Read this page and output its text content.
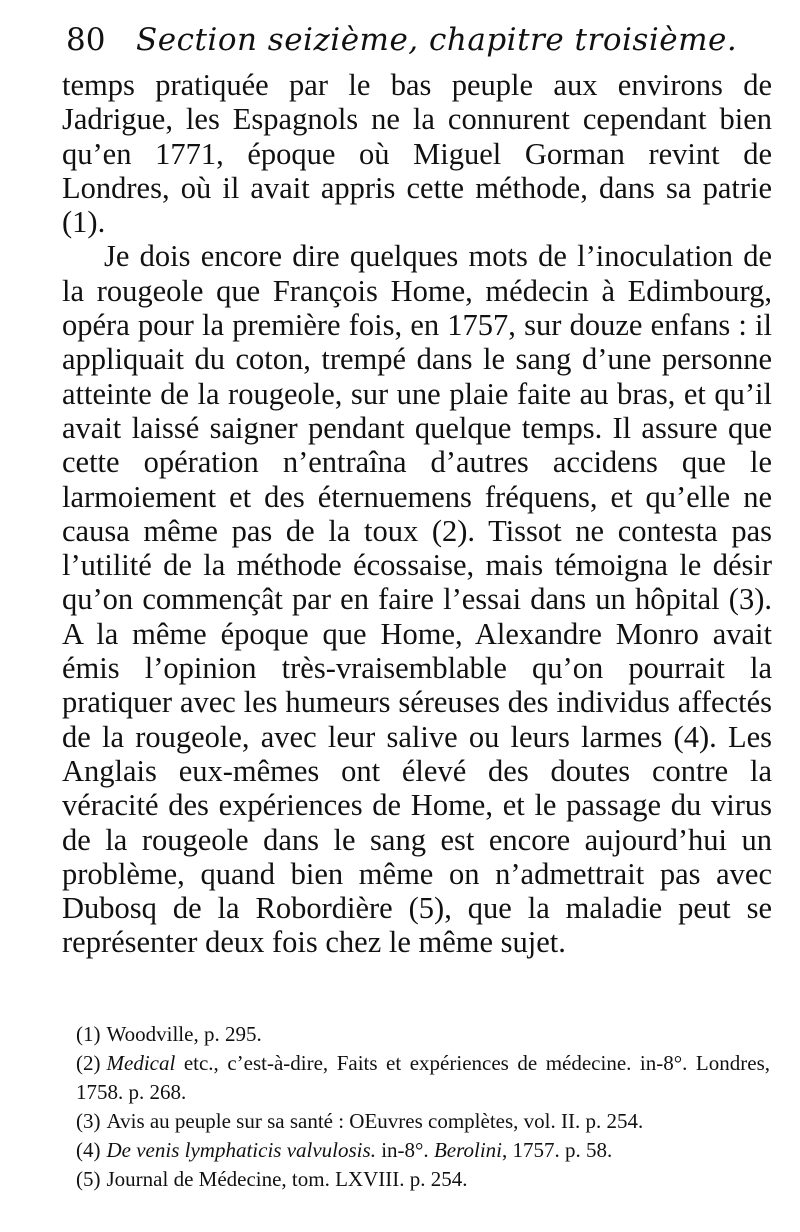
80 Section seizième, chapitre troisième.

temps pratiquée par le bas peuple aux environs de Jadrigue, les Espagnols ne la connurent cependant bien qu’en 1771, époque où Miguel Gorman revint de Londres, où il avait appris cette méthode, dans sa patrie (1).

Je dois encore dire quelques mots de l’inoculation de la rougeole que François Home, médecin à Edimbourg, opéra pour la première fois, en 1757, sur douze enfans : il appliquait du coton, trempé dans le sang d’une personne atteinte de la rougeole, sur une plaie faite au bras, et qu’il avait laissé saigner pendant quelque temps. Il assure que cette opération n’entraîna d’autres accidens que le larmoiement et des éternuemens fréquens, et qu’elle ne causa même pas de la toux (2). Tissot ne contesta pas l’utilité de la méthode écossaise, mais témoigna le désir qu’on commençât par en faire l’essai dans un hôpital (3). A la même époque que Home, Alexandre Monro avait émis l’opinion très-vraisemblable qu’on pourrait la pratiquer avec les humeurs séreuses des individus affectés de la rougeole, avec leur salive ou leurs larmes (4). Les Anglais eux-mêmes ont élevé des doutes contre la véracité des expériences de Home, et le passage du virus de la rougeole dans le sang est encore aujourd’hui un problème, quand bien même on n’admettrait pas avec Dubosq de la Robordière (5), que la maladie peut se représenter deux fois chez le même sujet.

(1) Woodville, p. 295.

(2) Medical etc., c’est-à-dire, Faits et expériences de médecine. in-8°. Londres, 1758. p. 268.

(3) Avis au peuple sur sa santé : OEuvres complètes, vol. II. p. 254.

(4) De venis lymphaticis valvulosis. in-8°. Berolini, 1757. p. 58.

(5) Journal de Médecine, tom. LXVIII. p. 254.
